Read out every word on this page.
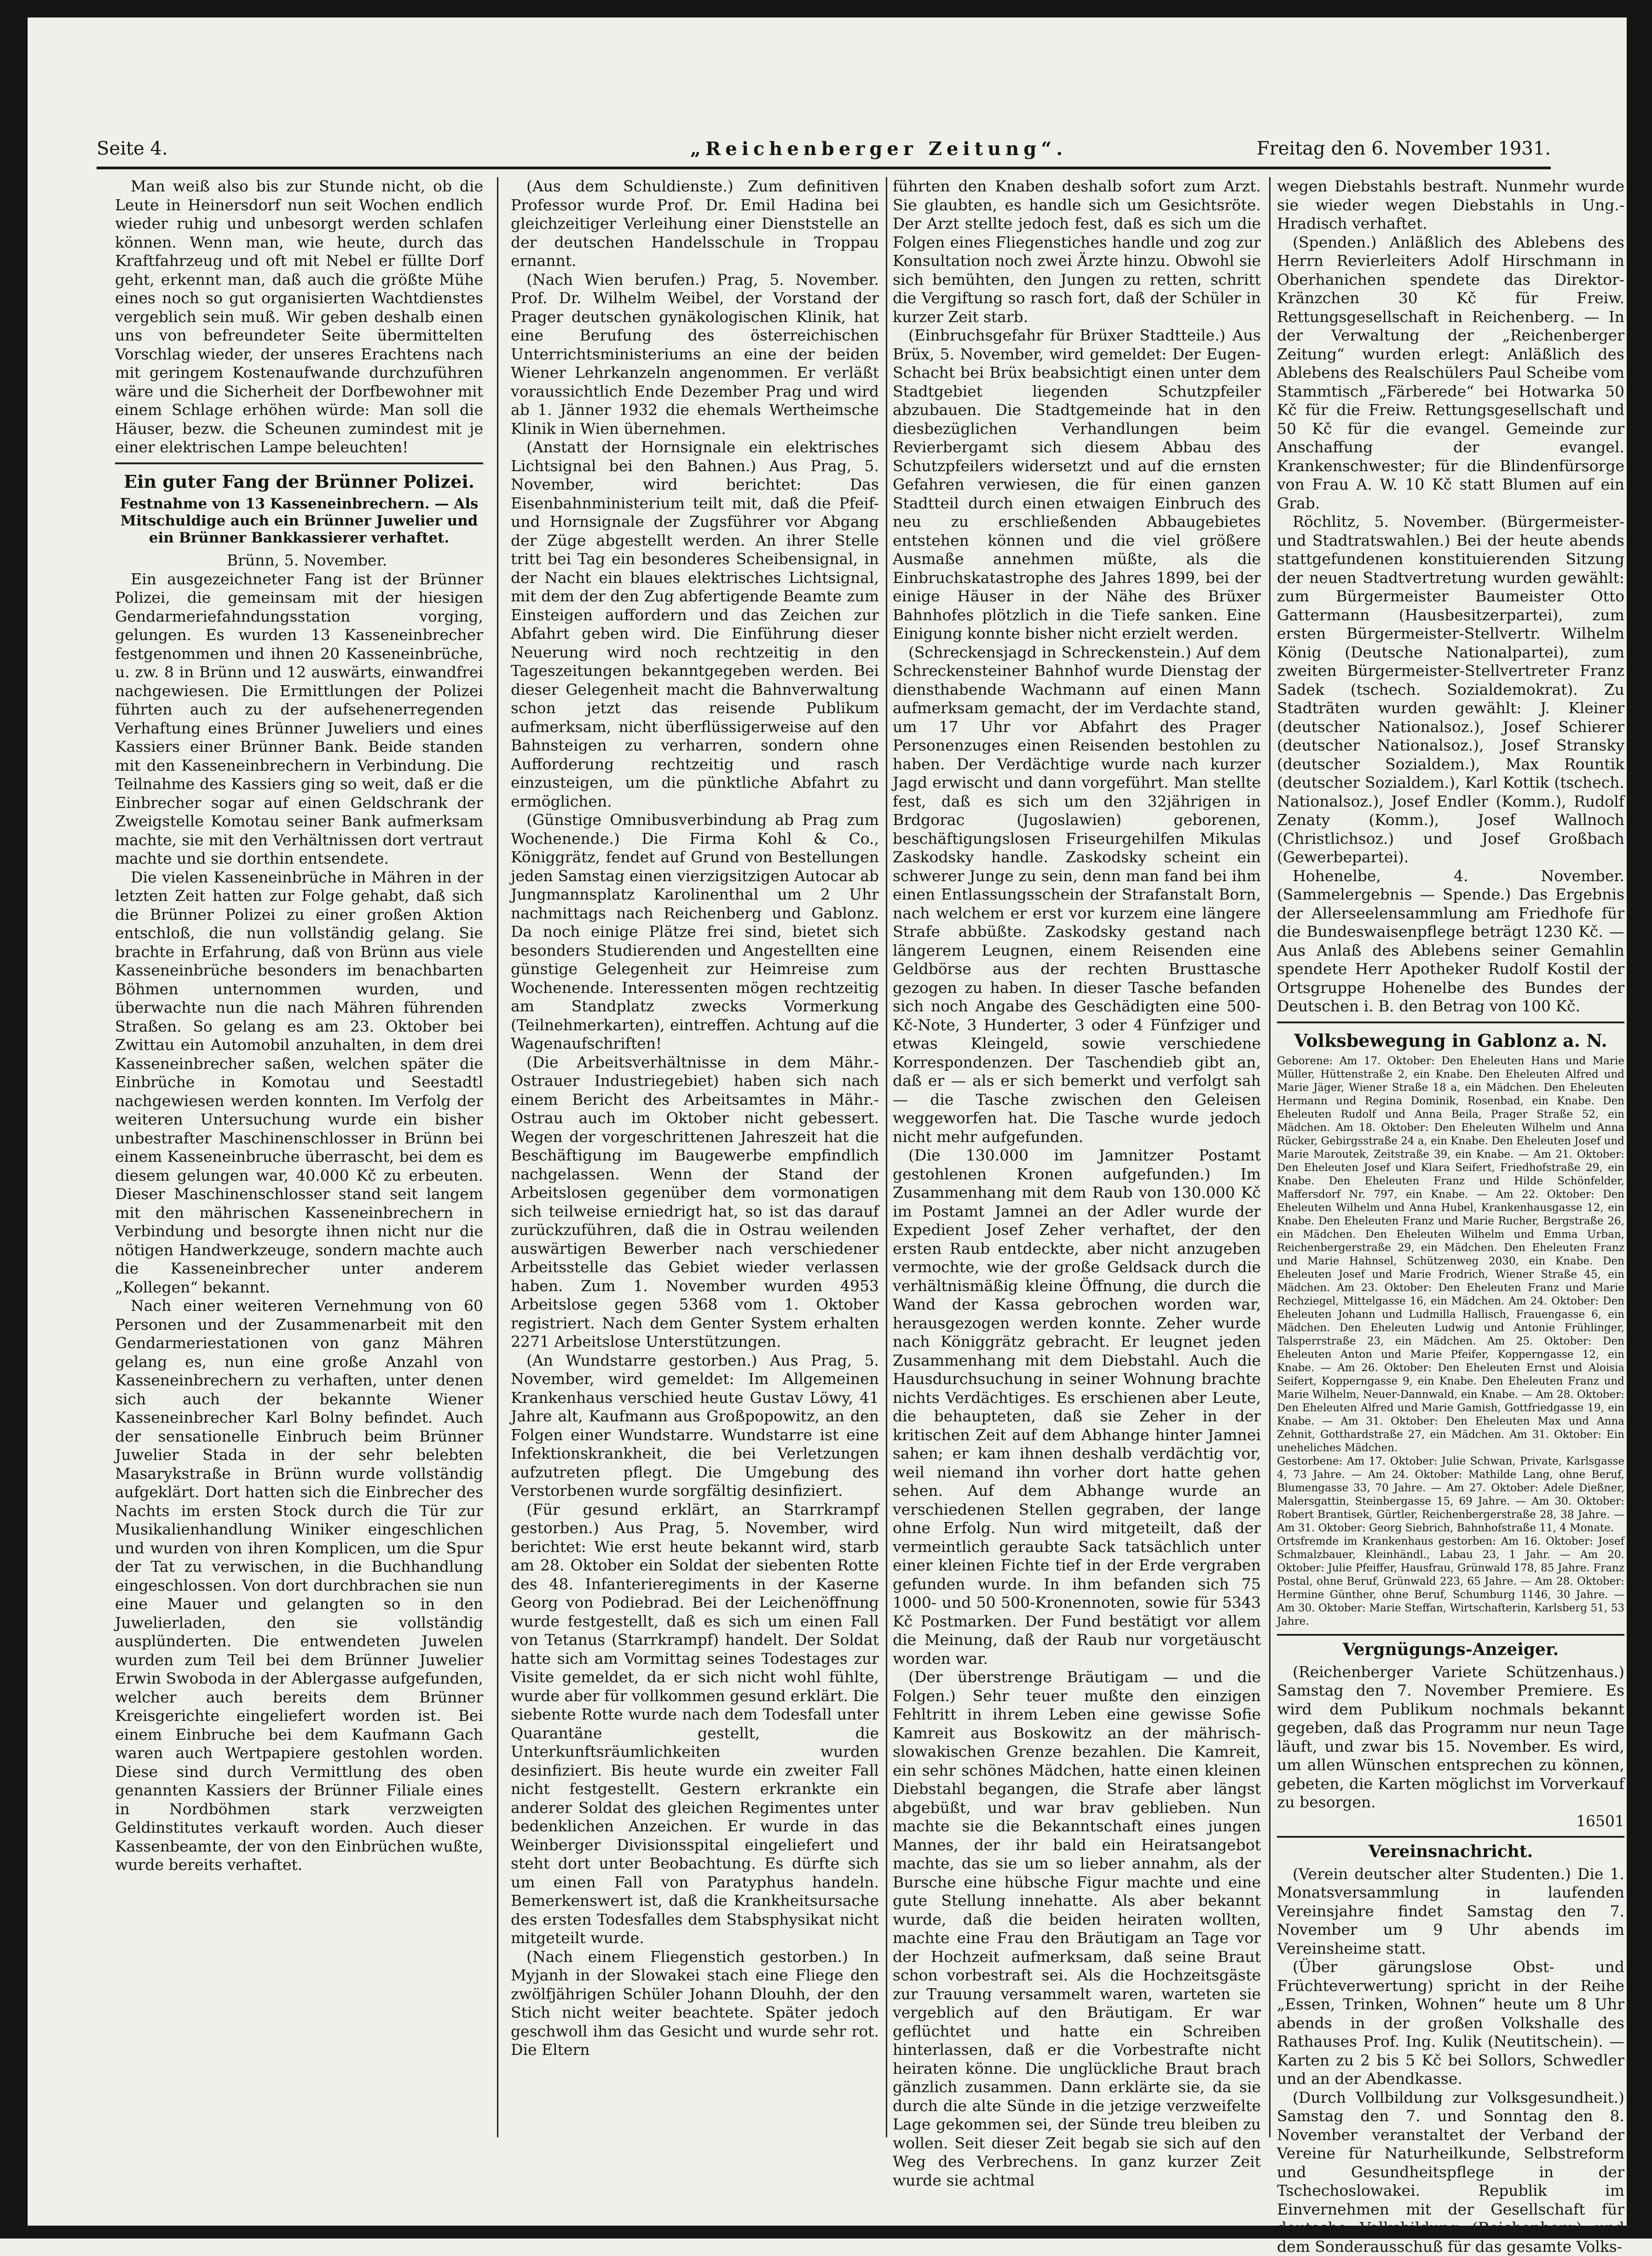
Seite 4.	„Reichenberger Zeitung“.	Freitag den 6. November 1931.

Man weiß also bis zur Stunde nicht, ob die Leute in Heinersdorf nun seit Wochen endlich wieder ruhig und unbesorgt werden schlafen können. Wenn man, wie heute, durch das Kraftfahrzeug und oft mit Nebel er füllte Dorf geht, erkennt man, daß auch die größte Mühe eines noch so gut organisierten Wachtdienstes vergeblich sein muß. Wir geben deshalb einen uns von befreundeter Seite übermittelten Vorschlag wieder, der unseres Erachtens nach mit geringem Kostenaufwande durchzuführen wäre und die Sicherheit der Dorfbewohner mit einem Schlage erhöhen würde: Man soll die Häuser, bezw. die Scheunen zumindest mit je einer elektrischen Lampe beleuchten!

Ein guter Fang der Brünner Polizei.
Festnahme von 13 Kasseneinbrechern. — Als Mitschuldige auch ein Brünner Juwelier und ein Brünner Bankkassierer verhaftet.

Brünn, 5. November.

Ein ausgezeichneter Fang ist der Brünner Polizei, die gemeinsam mit der hiesigen Gendarmeriefahndungsstation vorging, gelungen. Es wurden 13 Kasseneinbrecher festgenommen und ihnen 20 Kasseneinbrüche, u. zw. 8 in Brünn und 12 auswärts, einwandfrei nachgewiesen. Die Ermittlungen der Polizei führten auch zu der aufsehenerregenden Verhaftung eines Brünner Juweliers und eines Kassiers einer Brünner Bank. Beide standen mit den Kasseneinbrechern in Verbindung. Die Teilnahme des Kassiers ging so weit, daß er die Einbrecher sogar auf einen Geldschrank der Zweigstelle Komotau seiner Bank aufmerksam machte, sie mit den Verhältnissen dort vertraut machte und sie dorthin entsendete.

Die vielen Kasseneinbrüche in Mähren in der letzten Zeit hatten zur Folge gehabt, daß sich die Brünner Polizei zu einer großen Aktion entschloß, die nun vollständig gelang. Sie brachte in Erfahrung, daß von Brünn aus viele Kasseneinbrüche besonders im benachbarten Böhmen unternommen wurden, und überwachte nun die nach Mähren führenden Straßen. So gelang es am 23. Oktober bei Zwittau ein Automobil anzuhalten, in dem drei Kasseneinbrecher saßen, welchen später die Einbrüche in Komotau und Seestadtl nachgewiesen werden konnten. Im Verfolg der weiteren Untersuchung wurde ein bisher unbestrafter Maschinenschlosser in Brünn bei einem Kasseneinbruche überrascht, bei dem es diesem gelungen war, 40.000 Kč zu erbeuten. Dieser Maschinenschlosser stand seit langem mit den mährischen Kasseneinbrechern in Verbindung und besorgte ihnen nicht nur die nötigen Handwerkzeuge, sondern machte auch die Kasseneinbrecher unter anderem „Kollegen“ bekannt.

Nach einer weiteren Vernehmung von 60 Personen und der Zusammenarbeit mit den Gendarmeriestationen von ganz Mähren gelang es, nun eine große Anzahl von Kasseneinbrechern zu verhaften, unter denen sich auch der bekannte Wiener Kasseneinbrecher Karl Bolny befindet. Auch der sensationelle Einbruch beim Brünner Juwelier Stada in der sehr belebten Masarykstraße in Brünn wurde vollständig aufgeklärt. Dort hatten sich die Einbrecher des Nachts im ersten Stock durch die Tür zur Musikalienhandlung Winiker eingeschlichen und wurden von ihren Komplicen, um die Spur der Tat zu verwischen, in die Buchhandlung eingeschlossen. Von dort durchbrachen sie nun eine Mauer und gelangten so in den Juwelierladen, den sie vollständig ausplünderten. Die entwendeten Juwelen wurden zum Teil bei dem Brünner Juwelier Erwin Swoboda in der Ablergasse aufgefunden, welcher auch bereits dem Brünner Kreisgerichte eingeliefert worden ist. Bei einem Einbruche bei dem Kaufmann Gach waren auch Wertpapiere gestohlen worden. Diese sind durch Vermittlung des oben genannten Kassiers der Brünner Filiale eines in Nordböhmen stark verzweigten Geldinstitutes verkauft worden. Auch dieser Kassenbeamte, der von den Einbrüchen wußte, wurde bereits verhaftet.

(Aus dem Schuldienste.) Zum definitiven Professor wurde Prof. Dr. Emil Hadina bei gleichzeitiger Verleihung einer Dienststelle an der deutschen Handelsschule in Troppau ernannt.

(Nach Wien berufen.) Prag, 5. November. Prof. Dr. Wilhelm Weibel, der Vorstand der Prager deutschen gynäkologischen Klinik, hat eine Berufung des österreichischen Unterrichtsministeriums an eine der beiden Wiener Lehrkanzeln angenommen. Er verläßt voraussichtlich Ende Dezember Prag und wird ab 1. Jänner 1932 die ehemals Wertheimsche Klinik in Wien übernehmen.

(Anstatt der Hornsignale ein elektrisches Lichtsignal bei den Bahnen.) Aus Prag, 5. November, wird berichtet: Das Eisenbahnministerium teilt mit, daß die Pfeif- und Hornsignale der Zugsführer vor Abgang der Züge abgestellt werden. An ihrer Stelle tritt bei Tag ein besonderes Scheibensignal, in der Nacht ein blaues elektrisches Lichtsignal, mit dem der den Zug abfertigende Beamte zum Einsteigen auffordern und das Zeichen zur Abfahrt geben wird. Die Einführung dieser Neuerung wird noch rechtzeitig in den Tageszeitungen bekanntgegeben werden. Bei dieser Gelegenheit macht die Bahnverwaltung schon jetzt das reisende Publikum aufmerksam, nicht überflüssigerweise auf den Bahnsteigen zu verharren, sondern ohne Aufforderung rechtzeitig und rasch einzusteigen, um die pünktliche Abfahrt zu ermöglichen.

(Günstige Omnibusverbindung ab Prag zum Wochenende.) Die Firma Kohl & Co., Königgrätz, fendet auf Grund von Bestellungen jeden Samstag einen vierzigsitzigen Autocar ab Jungmannsplatz Karolinenthal um 2 Uhr nachmittags nach Reichenberg und Gablonz. Da noch einige Plätze frei sind, bietet sich besonders Studierenden und Angestellten eine günstige Gelegenheit zur Heimreise zum Wochenende. Interessenten mögen rechtzeitig am Standplatz zwecks Vormerkung (Teilnehmerkarten), eintreffen. Achtung auf die Wagenaufschriften!

(Die Arbeitsverhältnisse in dem Mähr.-Ostrauer Industriegebiet) haben sich nach einem Bericht des Arbeitsamtes in Mähr.-Ostrau auch im Oktober nicht gebessert. Wegen der vorgeschrittenen Jahreszeit hat die Beschäftigung im Baugewerbe empfindlich nachgelassen. Wenn der Stand der Arbeitslosen gegenüber dem vormonatigen sich teilweise erniedrigt hat, so ist das darauf zurückzuführen, daß die in Ostrau weilenden auswärtigen Bewerber nach verschiedener Arbeitsstelle das Gebiet wieder verlassen haben. Zum 1. November wurden 4953 Arbeitslose gegen 5368 vom 1. Oktober registriert. Nach dem Genter System erhalten 2271 Arbeitslose Unterstützungen.

(An Wundstarre gestorben.) Aus Prag, 5. November, wird gemeldet: Im Allgemeinen Krankenhaus verschied heute Gustav Löwy, 41 Jahre alt, Kaufmann aus Großpopowitz, an den Folgen einer Wundstarre. Wundstarre ist eine Infektionskrankheit, die bei Verletzungen aufzutreten pflegt. Die Umgebung des Verstorbenen wurde sorgfältig desinfiziert.

(Für gesund erklärt, an Starrkrampf gestorben.) Aus Prag, 5. November, wird berichtet: Wie erst heute bekannt wird, starb am 28. Oktober ein Soldat der siebenten Rotte des 48. Infanterieregiments in der Kaserne Georg von Podiebrad. Bei der Leichenöffnung wurde festgestellt, daß es sich um einen Fall von Tetanus (Starrkrampf) handelt. Der Soldat hatte sich am Vormittag seines Todestages zur Visite gemeldet, da er sich nicht wohl fühlte, wurde aber für vollkommen gesund erklärt. Die siebente Rotte wurde nach dem Todesfall unter Quarantäne gestellt, die Unterkunftsräumlichkeiten wurden desinfiziert. Bis heute wurde ein zweiter Fall nicht festgestellt. Gestern erkrankte ein anderer Soldat des gleichen Regimentes unter bedenklichen Anzeichen. Er wurde in das Weinberger Divisionsspital eingeliefert und steht dort unter Beobachtung. Es dürfte sich um einen Fall von Paratyphus handeln. Bemerkenswert ist, daß die Krankheitsursache des ersten Todesfalles dem Stabsphysikat nicht mitgeteilt wurde.

(Nach einem Fliegenstich gestorben.) In Myjanh in der Slowakei stach eine Fliege den zwölfjährigen Schüler Johann Dlouhh, der den Stich nicht weiter beachtete. Später jedoch geschwoll ihm das Gesicht und wurde sehr rot. Die Eltern

führten den Knaben deshalb sofort zum Arzt. Sie glaubten, es handle sich um Gesichtsröte. Der Arzt stellte jedoch fest, daß es sich um die Folgen eines Fliegenstiches handle und zog zur Konsultation noch zwei Ärzte hinzu. Obwohl sie sich bemühten, den Jungen zu retten, schritt die Vergiftung so rasch fort, daß der Schüler in kurzer Zeit starb.

(Einbruchsgefahr für Brüxer Stadtteile.) Aus Brüx, 5. November, wird gemeldet: Der Eugen-Schacht bei Brüx beabsichtigt einen unter dem Stadtgebiet liegenden Schutzpfeiler abzubauen. Die Stadtgemeinde hat in den diesbezüglichen Verhandlungen beim Revierbergamt sich diesem Abbau des Schutzpfeilers widersetzt und auf die ernsten Gefahren verwiesen, die für einen ganzen Stadtteil durch einen etwaigen Einbruch des neu zu erschließenden Abbaugebietes entstehen können und die viel größere Ausmaße annehmen müßte, als die Einbruchskatastrophe des Jahres 1899, bei der einige Häuser in der Nähe des Brüxer Bahnhofes plötzlich in die Tiefe sanken. Eine Einigung konnte bisher nicht erzielt werden.

(Schreckensjagd in Schreckenstein.) Auf dem Schreckensteiner Bahnhof wurde Dienstag der diensthabende Wachmann auf einen Mann aufmerksam gemacht, der im Verdachte stand, um 17 Uhr vor Abfahrt des Prager Personenzuges einen Reisenden bestohlen zu haben. Der Verdächtige wurde nach kurzer Jagd erwischt und dann vorgeführt. Man stellte fest, daß es sich um den 32jährigen in Brdgorac (Jugoslawien) geborenen, beschäftigungslosen Friseurgehilfen Mikulas Zaskodsky handle. Zaskodsky scheint ein schwerer Junge zu sein, denn man fand bei ihm einen Entlassungsschein der Strafanstalt Born, nach welchem er erst vor kurzem eine längere Strafe abbüßte. Zaskodsky gestand nach längerem Leugnen, einem Reisenden eine Geldbörse aus der rechten Brusttasche gezogen zu haben. In dieser Tasche befanden sich noch Angabe des Geschädigten eine 500-Kč-Note, 3 Hunderter, 3 oder 4 Fünfziger und etwas Kleingeld, sowie verschiedene Korrespondenzen. Der Taschendieb gibt an, daß er — als er sich bemerkt und verfolgt sah — die Tasche zwischen den Geleisen weggeworfen hat. Die Tasche wurde jedoch nicht mehr aufgefunden.

(Die 130.000 im Jamnitzer Postamt gestohlenen Kronen aufgefunden.) Im Zusammenhang mit dem Raub von 130.000 Kč im Postamt Jamnei an der Adler wurde der Expedient Josef Zeher verhaftet, der den ersten Raub entdeckte, aber nicht anzugeben vermochte, wie der große Geldsack durch die verhältnismäßig kleine Öffnung, die durch die Wand der Kassa gebrochen worden war, herausgezogen werden konnte. Zeher wurde nach Königgrätz gebracht. Er leugnet jeden Zusammenhang mit dem Diebstahl. Auch die Hausdurchsuchung in seiner Wohnung brachte nichts Verdächtiges. Es erschienen aber Leute, die behaupteten, daß sie Zeher in der kritischen Zeit auf dem Abhange hinter Jamnei sahen; er kam ihnen deshalb verdächtig vor, weil niemand ihn vorher dort hatte gehen sehen. Auf dem Abhange wurde an verschiedenen Stellen gegraben, der lange ohne Erfolg. Nun wird mitgeteilt, daß der vermeintlich geraubte Sack tatsächlich unter einer kleinen Fichte tief in der Erde vergraben gefunden wurde. In ihm befanden sich 75 1000- und 50 500-Kronennoten, sowie für 5343 Kč Postmarken. Der Fund bestätigt vor allem die Meinung, daß der Raub nur vorgetäuscht worden war.

(Der überstrenge Bräutigam — und die Folgen.) Sehr teuer mußte den einzigen Fehltritt in ihrem Leben eine gewisse Sofie Kamreit aus Boskowitz an der mährisch-slowakischen Grenze bezahlen. Die Kamreit, ein sehr schönes Mädchen, hatte einen kleinen Diebstahl begangen, die Strafe aber längst abgebüßt, und war brav geblieben. Nun machte sie die Bekanntschaft eines jungen Mannes, der ihr bald ein Heiratsangebot machte, das sie um so lieber annahm, als der Bursche eine hübsche Figur machte und eine gute Stellung innehatte. Als aber bekannt wurde, daß die beiden heiraten wollten, machte eine Frau den Bräutigam an Tage vor der Hochzeit aufmerksam, daß seine Braut schon vorbestraft sei. Als die Hochzeitsgäste zur Trauung versammelt waren, warteten sie vergeblich auf den Bräutigam. Er war geflüchtet und hatte ein Schreiben hinterlassen, daß er die Vorbestrafte nicht heiraten könne. Die unglückliche Braut brach gänzlich zusammen. Dann erklärte sie, da sie durch die alte Sünde in die jetzige verzweifelte Lage gekommen sei, der Sünde treu bleiben zu wollen. Seit dieser Zeit begab sie sich auf den Weg des Verbrechens. In ganz kurzer Zeit wurde sie achtmal

wegen Diebstahls bestraft. Nunmehr wurde sie wieder wegen Diebstahls in Ung.-Hradisch verhaftet.

(Spenden.) Anläßlich des Ablebens des Herrn Revierleiters Adolf Hirschmann in Oberhanichen spendete das Direktor-Kränzchen 30 Kč für Freiw. Rettungsgesellschaft in Reichenberg. — In der Verwaltung der „Reichenberger Zeitung“ wurden erlegt: Anläßlich des Ablebens des Realschülers Paul Scheibe vom Stammtisch „Färberede“ bei Hotwarka 50 Kč für die Freiw. Rettungsgesellschaft und 50 Kč für die evangel. Gemeinde zur Anschaffung der evangel. Krankenschwester; für die Blindenfürsorge von Frau A. W. 10 Kč statt Blumen auf ein Grab.

Röchlitz, 5. November. (Bürgermeister- und Stadtratswahlen.) Bei der heute abends stattgefundenen konstituierenden Sitzung der neuen Stadtvertretung wurden gewählt: zum Bürgermeister Baumeister Otto Gattermann (Hausbesitzerpartei), zum ersten Bürgermeister-Stellvertr. Wilhelm König (Deutsche Nationalpartei), zum zweiten Bürgermeister-Stellvertreter Franz Sadek (tschech. Sozialdemokrat). Zu Stadträten wurden gewählt: J. Kleiner (deutscher Nationalsoz.), Josef Schierer (deutscher Nationalsoz.), Josef Stransky (deutscher Sozialdem.), Max Rountik (deutscher Sozialdem.), Karl Kottik (tschech. Nationalsoz.), Josef Endler (Komm.), Rudolf Zenaty (Komm.), Josef Wallnoch (Christlichsoz.) und Josef Großbach (Gewerbepartei).

Hohenelbe, 4. November. (Sammelergebnis — Spende.) Das Ergebnis der Allerseelensammlung am Friedhofe für die Bundeswaisenpflege beträgt 1230 Kč. — Aus Anlaß des Ablebens seiner Gemahlin spendete Herr Apotheker Rudolf Kostil der Ortsgruppe Hohenelbe des Bundes der Deutschen i. B. den Betrag von 100 Kč.

Volksbewegung in Gablonz a. N.

Geborene: Am 17. Oktober: Den Eheleuten Hans und Marie Müller, Hüttenstraße 2, ein Knabe. Den Eheleuten Alfred und Marie Jäger, Wiener Straße 18 a, ein Mädchen. Den Eheleuten Hermann und Regina Dominik, Rosenbad, ein Knabe. Den Eheleuten Rudolf und Anna Beila, Prager Straße 52, ein Mädchen. Am 18. Oktober: Den Eheleuten Wilhelm und Anna Rücker, Gebirgsstraße 24 a, ein Knabe. Den Eheleuten Josef und Marie Maroutek, Zeitstraße 39, ein Knabe. — Am 21. Oktober: Den Eheleuten Josef und Klara Seifert, Friedhofstraße 29, ein Knabe. Den Eheleuten Franz und Hilde Schönfelder, Maffersdorf Nr. 797, ein Knabe. — Am 22. Oktober: Den Eheleuten Wilhelm und Anna Hubel, Krankenhausgasse 12, ein Knabe. Den Eheleuten Franz und Marie Rucher, Bergstraße 26, ein Mädchen. Den Eheleuten Wilhelm und Emma Urban, Reichenbergerstraße 29, ein Mädchen. Den Eheleuten Franz und Marie Hahnsel, Schützenweg 2030, ein Knabe. Den Eheleuten Josef und Marie Frodrich, Wiener Straße 45, ein Mädchen. Am 23. Oktober: Den Eheleuten Franz und Marie Rechziegel, Mittelgasse 16, ein Mädchen. Am 24. Oktober: Den Eheleuten Johann und Ludmilla Hallisch, Frauengasse 6, ein Mädchen. Den Eheleuten Ludwig und Antonie Frühlinger, Talsperrstraße 23, ein Mädchen. Am 25. Oktober: Den Eheleuten Anton und Marie Pfeifer, Kopperngasse 12, ein Knabe. — Am 26. Oktober: Den Eheleuten Ernst und Aloisia Seifert, Kopperngasse 9, ein Knabe. Den Eheleuten Franz und Marie Wilhelm, Neuer-Dannwald, ein Knabe. — Am 28. Oktober: Den Eheleuten Alfred und Marie Gamish, Gottfriedgasse 19, ein Knabe. — Am 31. Oktober: Den Eheleuten Max und Anna Zehnit, Gotthardstraße 27, ein Mädchen. Am 31. Oktober: Ein uneheliches Mädchen.

Gestorbene: Am 17. Oktober: Julie Schwan, Private, Karlsgasse 4, 73 Jahre. — Am 24. Oktober: Mathilde Lang, ohne Beruf, Blumengasse 33, 70 Jahre. — Am 27. Oktober: Adele Dießner, Malersgattin, Steinbergasse 15, 69 Jahre. — Am 30. Oktober: Robert Brantisek, Gürtler, Reichenbergerstraße 28, 38 Jahre. — Am 31. Oktober: Georg Siebrich, Bahnhofstraße 11, 4 Monate.

Ortsfremde im Krankenhaus gestorben: Am 16. Oktober: Josef Schmalzbauer, Kleinhändl., Labau 23, 1 Jahr. — Am 20. Oktober: Julie Pfeiffer, Hausfrau, Grünwald 178, 85 Jahre. Franz Postal, ohne Beruf, Grünwald 223, 65 Jahre. — Am 28. Oktober: Hermine Günther, ohne Beruf, Schumburg 1146, 30 Jahre. — Am 30. Oktober: Marie Steffan, Wirtschafterin, Karlsberg 51, 53 Jahre.

Vergnügungs-Anzeiger.

(Reichenberger Variete Schützenhaus.) Samstag den 7. November Premiere. Es wird dem Publikum nochmals bekannt gegeben, daß das Programm nur neun Tage läuft, und zwar bis 15. November. Es wird, um allen Wünschen entsprechen zu können, gebeten, die Karten möglichst im Vorverkauf zu besorgen.

16501
Vereinsnachricht.

(Verein deutscher alter Studenten.) Die 1. Monatsversammlung in laufenden Vereinsjahre findet Samstag den 7. November um 9 Uhr abends im Vereinsheime statt.

(Über gärungslose Obst- und Früchteverwertung) spricht in der Reihe „Essen, Trinken, Wohnen“ heute um 8 Uhr abends in der großen Volkshalle des Rathauses Prof. Ing. Kulik (Neutitschein). — Karten zu 2 bis 5 Kč bei Sollors, Schwedler und an der Abendkasse.

(Durch Vollbildung zur Volksgesundheit.) Samstag den 7. und Sonntag den 8. November veranstaltet der Verband der Vereine für Naturheilkunde, Selbstreform und Gesundheitspflege in der Tschechoslowakei. Republik im Einvernehmen mit der Gesellschaft für deutsche Volksbildung (Reichenberg) und dem Sonderausschuß für das gesamte Volks-
